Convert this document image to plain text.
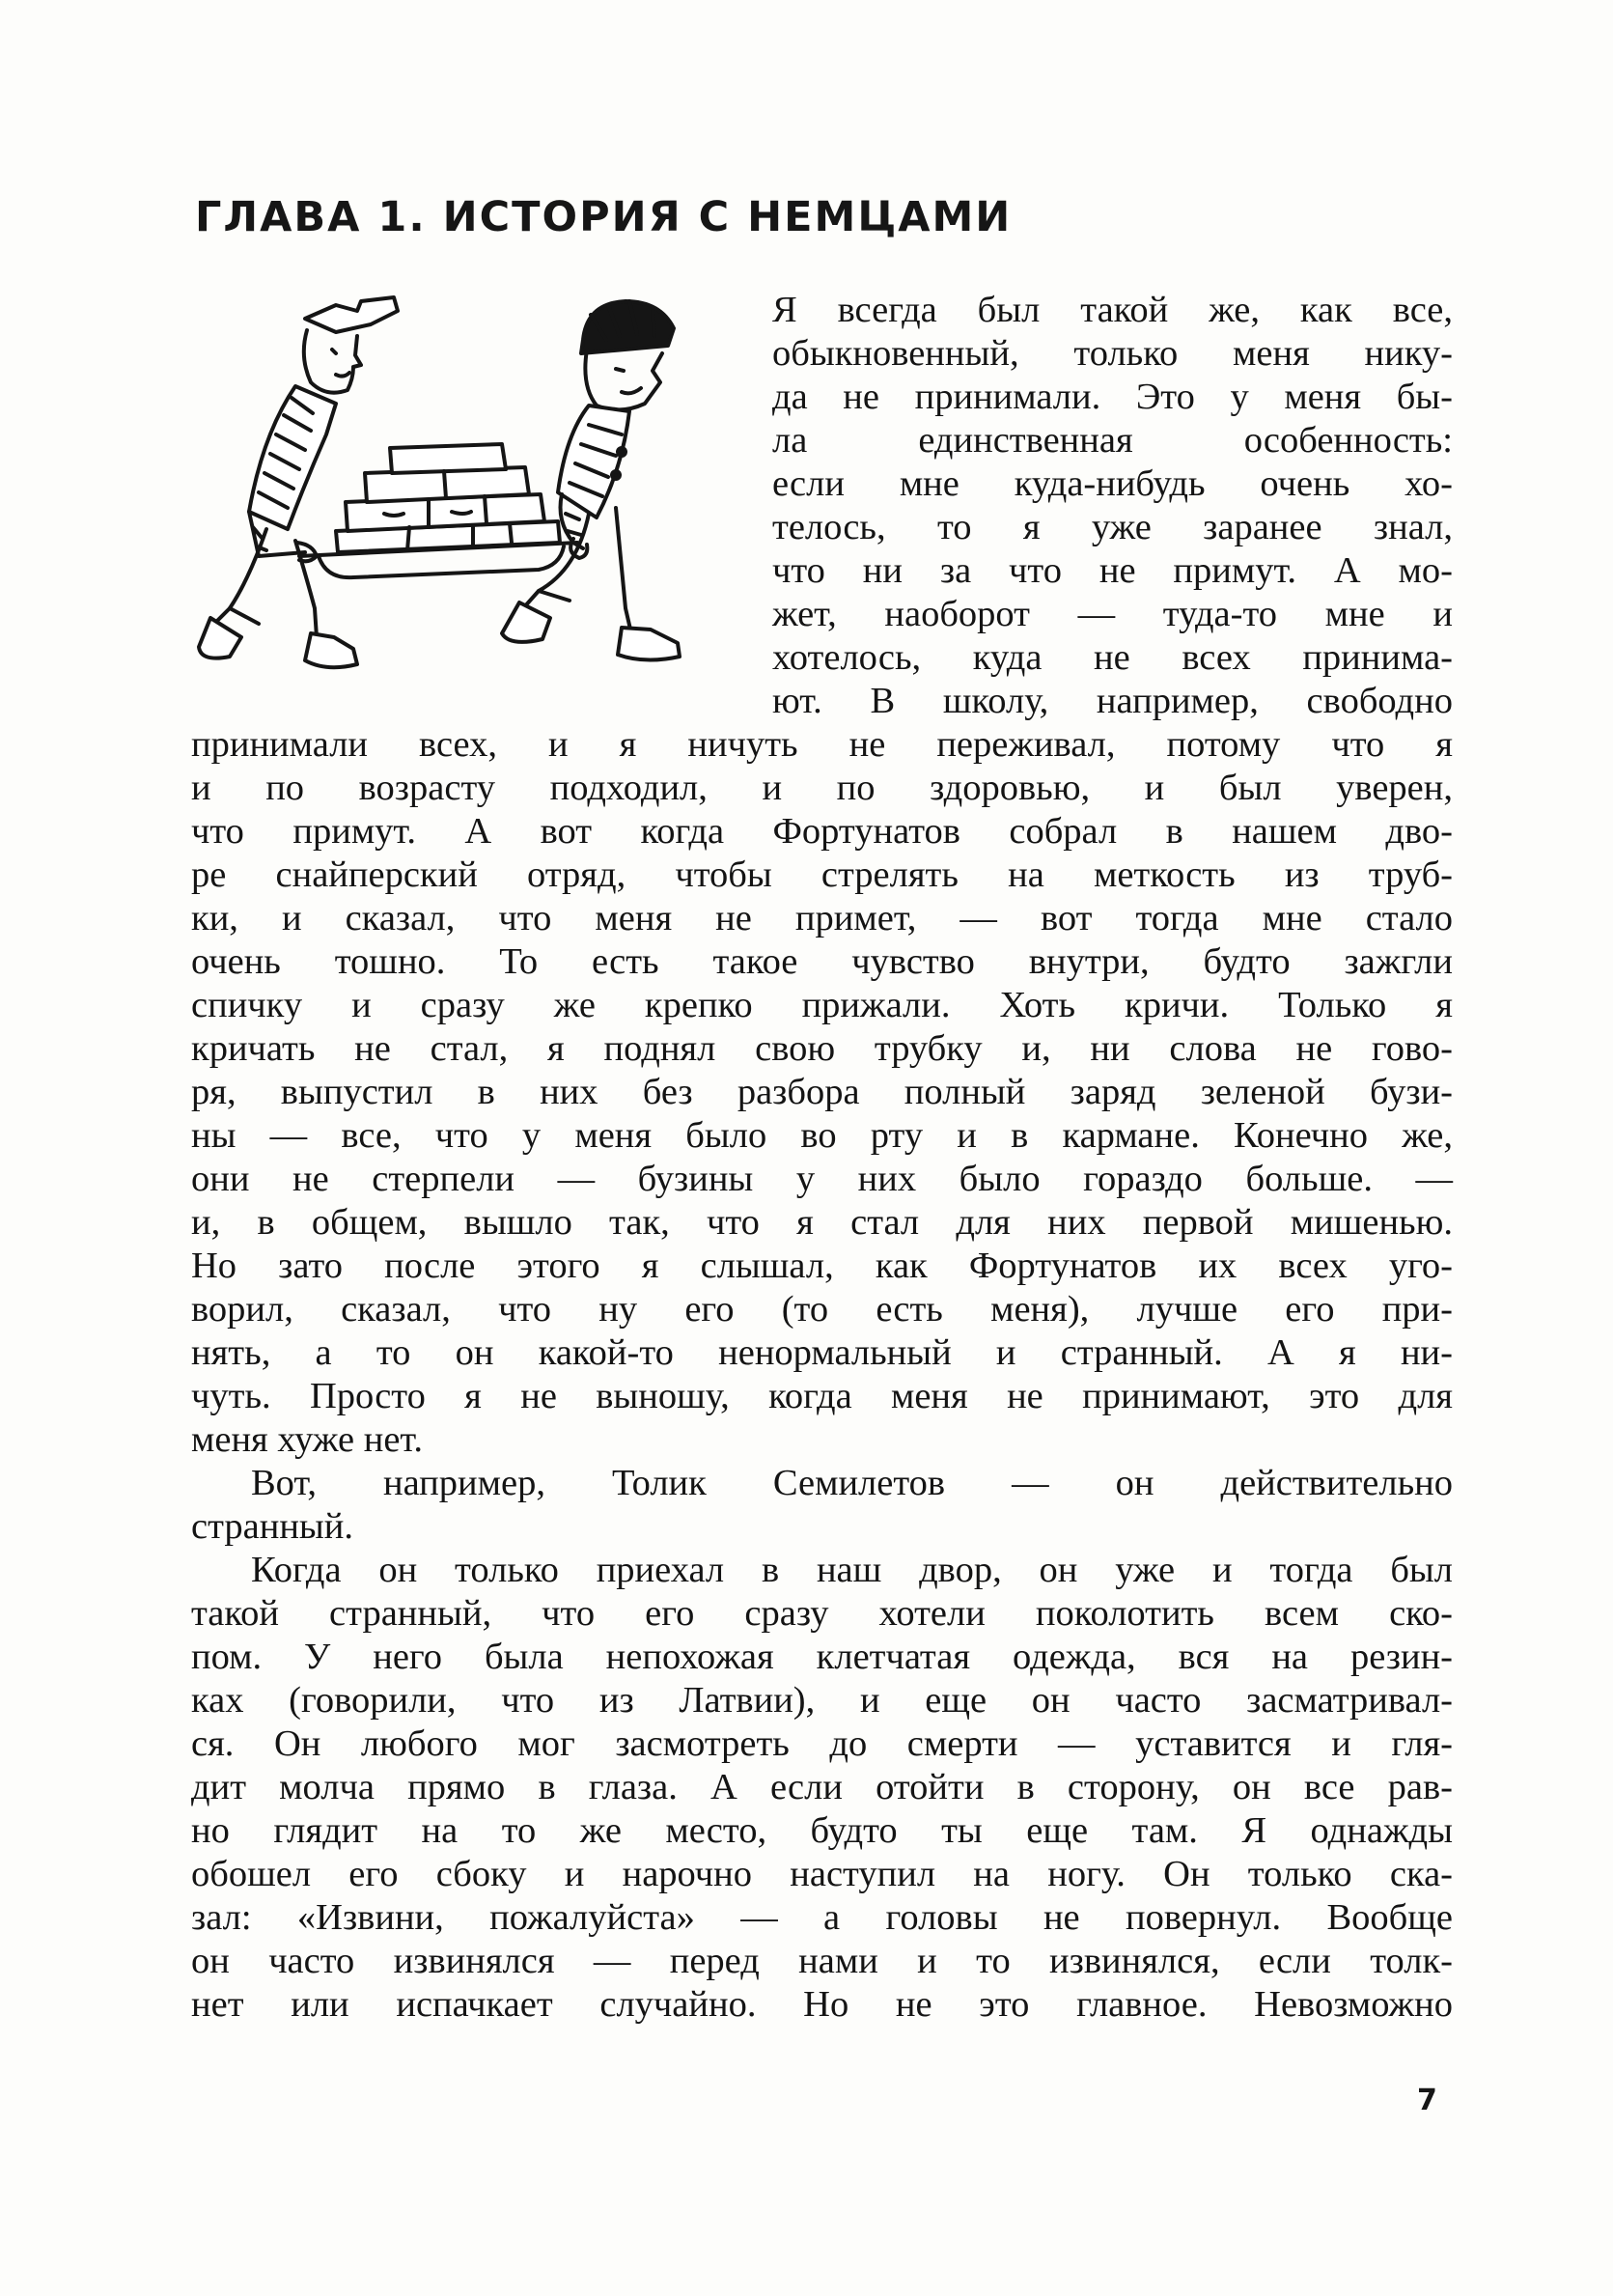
ГЛАВА 1. ИСТОРИЯ С НЕМЦАМИ
Я всегда был такой же, как все,
обыкновенный, только меня нику-
да не принимали. Это у меня бы-
ла единственная особенность:
если мне куда-нибудь очень хо-
телось, то я уже заранее знал,
что ни за что не примут. А мо-
жет, наоборот — туда-то мне и
хотелось, куда не всех принима-
ют. В школу, например, свободно
принимали всех, и я ничуть не переживал, потому что я
и по возрасту подходил, и по здоровью, и был уверен,
что примут. А вот когда Фортунатов собрал в нашем дво-
ре снайперский отряд, чтобы стрелять на меткость из труб-
ки, и сказал, что меня не примет, — вот тогда мне стало
очень тошно. То есть такое чувство внутри, будто зажгли
спичку и сразу же крепко прижали. Хоть кричи. Только я
кричать не стал, я поднял свою трубку и, ни слова не гово-
ря, выпустил в них без разбора полный заряд зеленой бузи-
ны — все, что у меня было во рту и в кармане. Конечно же,
они не стерпели — бузины у них было гораздо больше. —
и, в общем, вышло так, что я стал для них первой мишенью.
Но зато после этого я слышал, как Фортунатов их всех уго-
ворил, сказал, что ну его (то есть меня), лучше его при-
нять, а то он какой-то ненормальный и странный. А я ни-
чуть. Просто я не выношу, когда меня не принимают, это для
меня хуже нет.
Вот, например, Толик Семилетов — он действительно
странный.
Когда он только приехал в наш двор, он уже и тогда был
такой странный, что его сразу хотели поколотить всем ско-
пом. У него была непохожая клетчатая одежда, вся на резин-
ках (говорили, что из Латвии), и еще он часто засматривал-
ся. Он любого мог засмотреть до смерти — уставится и гля-
дит молча прямо в глаза. А если отойти в сторону, он все рав-
но глядит на то же место, будто ты еще там. Я однажды
обошел его сбоку и нарочно наступил на ногу. Он только ска-
зал: «Извини, пожалуйста» — а головы не повернул. Вообще
он часто извинялся — перед нами и то извинялся, если толк-
нет или испачкает случайно. Но не это главное. Невозможно
7
